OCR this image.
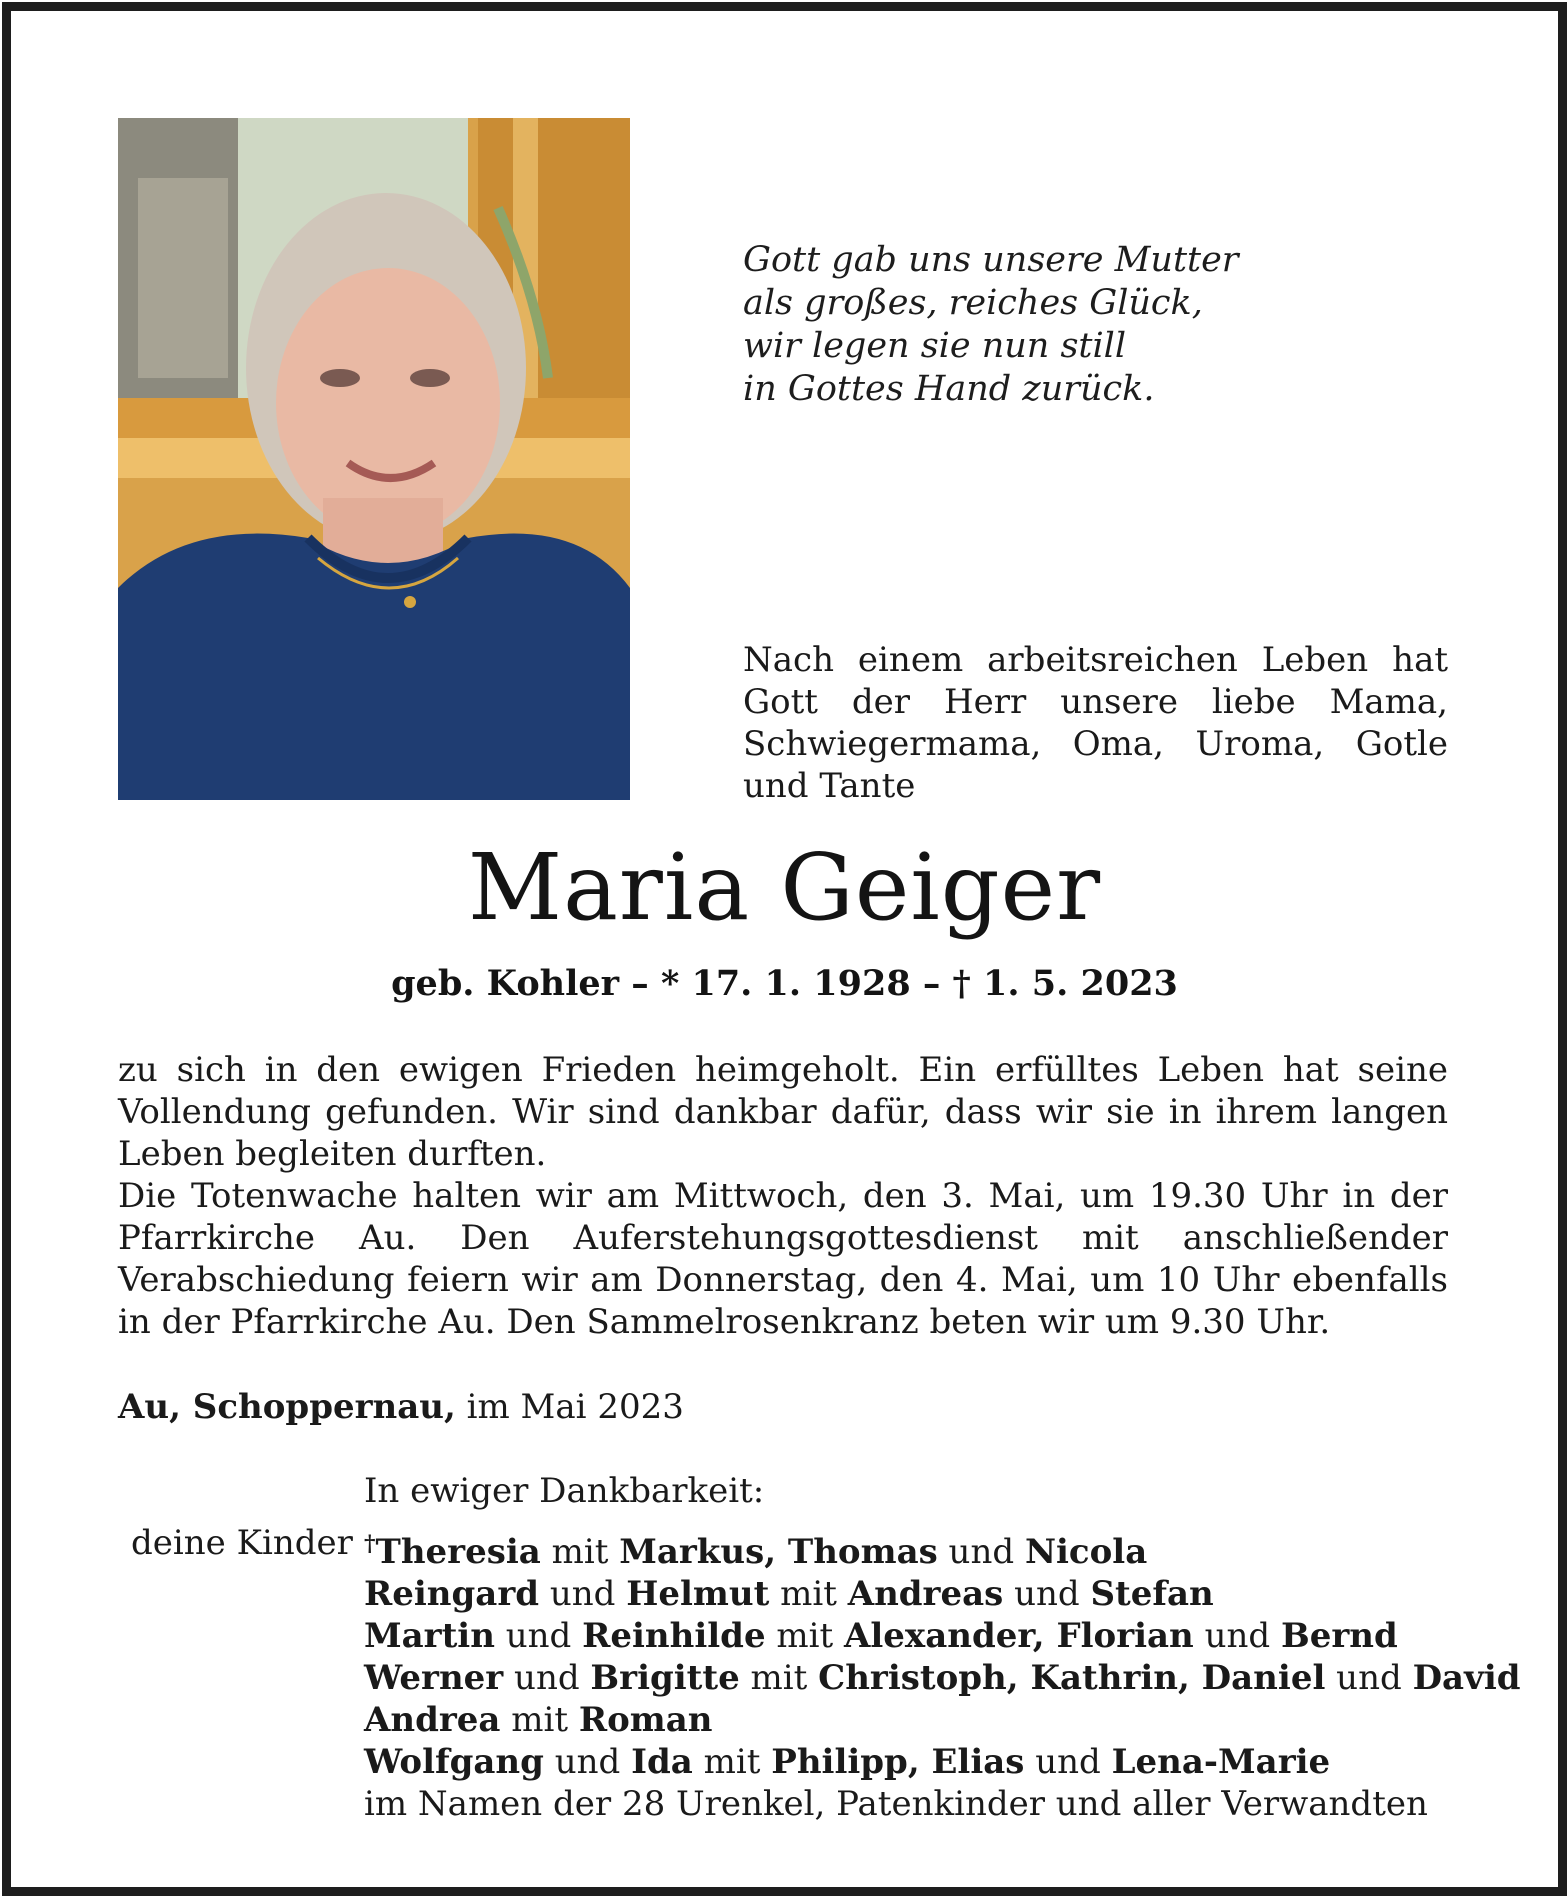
Gott gab uns unsere Mutter
als großes, reiches Glück,
wir legen sie nun still
in Gottes Hand zurück.
Nach einem arbeitsreichen Leben hat Gott der Herr unsere liebe Mama, Schwiegermama, Oma, Uroma, Gotle und Tante
Maria Geiger
geb. Kohler – * 17. 1. 1928 – † 1. 5. 2023

zu sich in den ewigen Frieden heimgeholt. Ein erfülltes Leben hat seine Vollendung gefunden. Wir sind dankbar dafür, dass wir sie in ihrem langen Leben begleiten durften.

Die Totenwache halten wir am Mittwoch, den 3. Mai, um 19.30 Uhr in der Pfarrkirche Au. Den Auferstehungsgottesdienst mit anschließender Verabschiedung feiern wir am Donnerstag, den 4. Mai, um 10 Uhr ebenfalls in der Pfarrkirche Au. Den Sammelrosenkranz beten wir um 9.30 Uhr.

Au, Schoppernau, im Mai 2023
In ewiger Dankbarkeit:
deine Kinder †Theresia mit Markus, Thomas und Nicola
Reingard und Helmut mit Andreas und Stefan
Martin und Reinhilde mit Alexander, Florian und Bernd
Werner und Brigitte mit Christoph, Kathrin, Daniel und David
Andrea mit Roman
Wolfgang und Ida mit Philipp, Elias und Lena-Marie
im Namen der 28 Urenkel, Patenkinder und aller Verwandten
